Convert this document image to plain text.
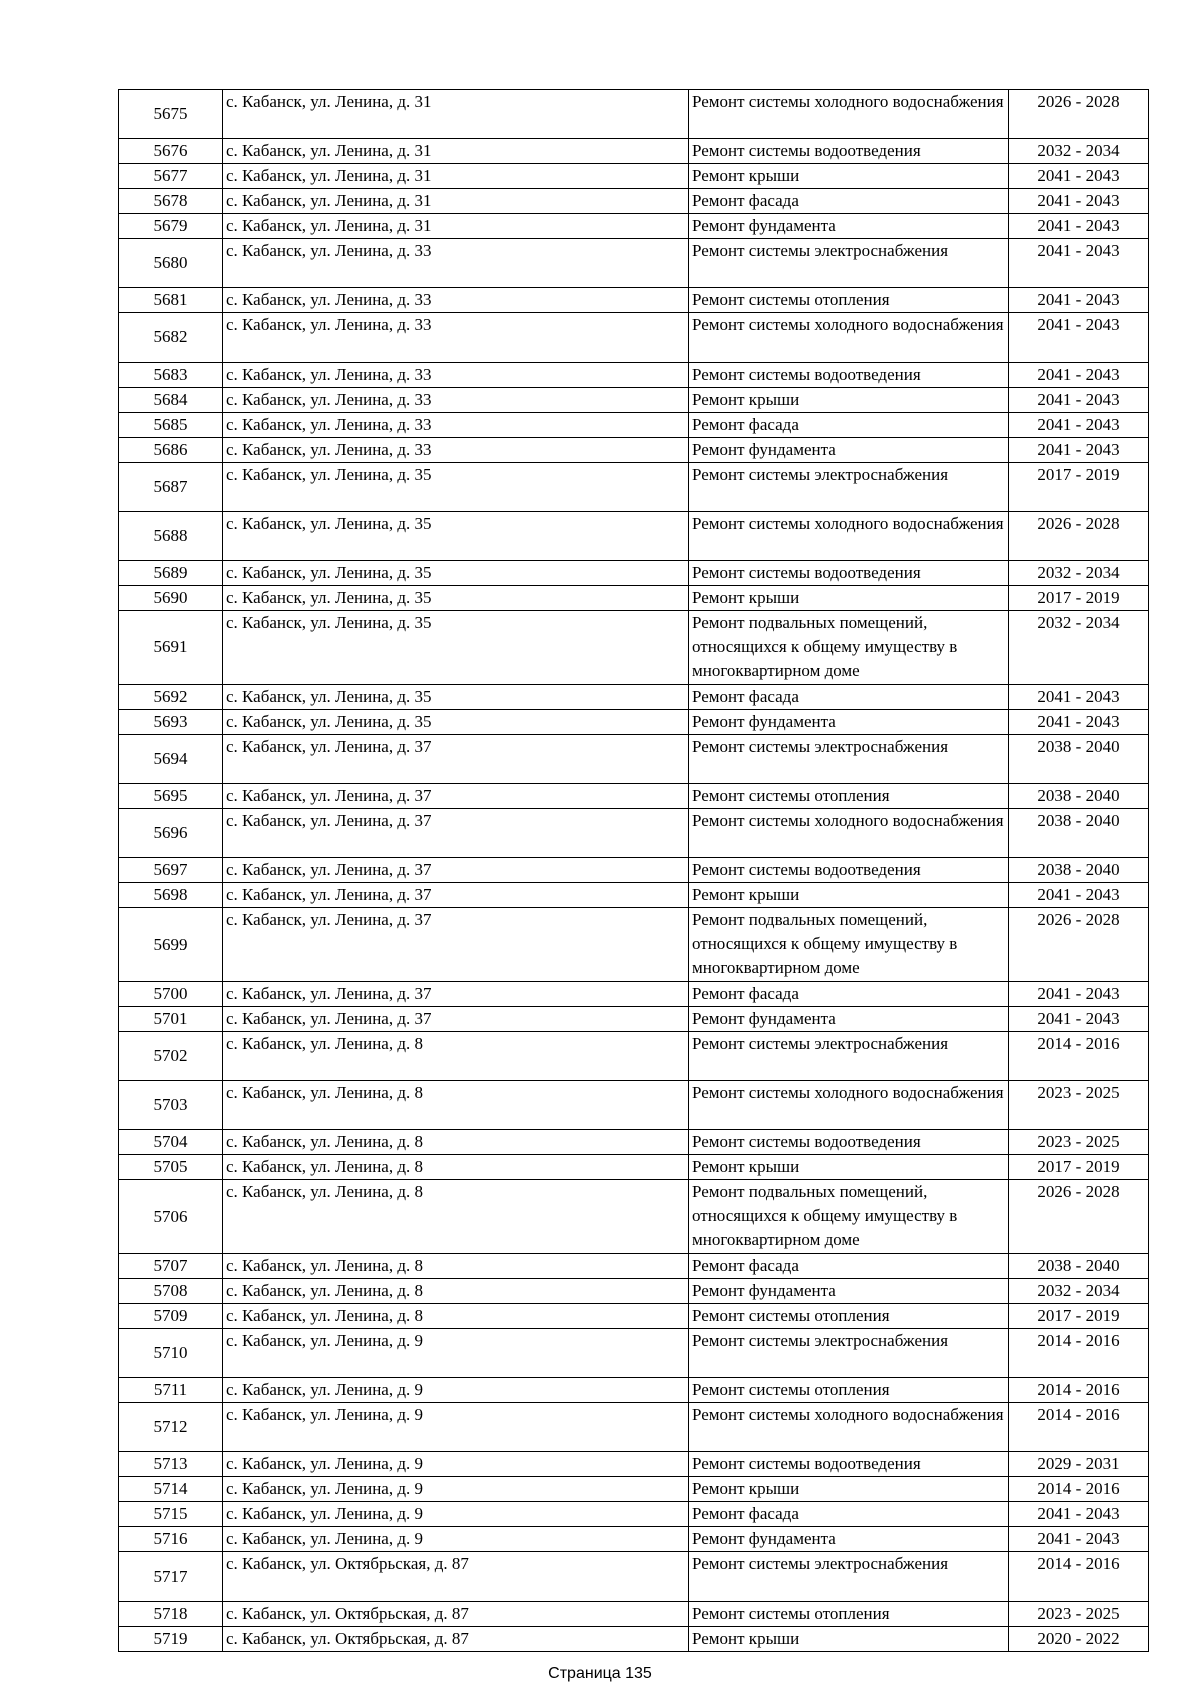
5675	с. Кабанск, ул. Ленина, д. 31	Ремонт системы холодного водоснабжения	2026 - 2028
5676	с. Кабанск, ул. Ленина, д. 31	Ремонт системы водоотведения	2032 - 2034
5677	с. Кабанск, ул. Ленина, д. 31	Ремонт крыши	2041 - 2043
5678	с. Кабанск, ул. Ленина, д. 31	Ремонт фасада	2041 - 2043
5679	с. Кабанск, ул. Ленина, д. 31	Ремонт фундамента	2041 - 2043
5680	с. Кабанск, ул. Ленина, д. 33	Ремонт системы электроснабжения	2041 - 2043
5681	с. Кабанск, ул. Ленина, д. 33	Ремонт системы отопления	2041 - 2043
5682	с. Кабанск, ул. Ленина, д. 33	Ремонт системы холодного водоснабжения	2041 - 2043
5683	с. Кабанск, ул. Ленина, д. 33	Ремонт системы водоотведения	2041 - 2043
5684	с. Кабанск, ул. Ленина, д. 33	Ремонт крыши	2041 - 2043
5685	с. Кабанск, ул. Ленина, д. 33	Ремонт фасада	2041 - 2043
5686	с. Кабанск, ул. Ленина, д. 33	Ремонт фундамента	2041 - 2043
5687	с. Кабанск, ул. Ленина, д. 35	Ремонт системы электроснабжения	2017 - 2019
5688	с. Кабанск, ул. Ленина, д. 35	Ремонт системы холодного водоснабжения	2026 - 2028
5689	с. Кабанск, ул. Ленина, д. 35	Ремонт системы водоотведения	2032 - 2034
5690	с. Кабанск, ул. Ленина, д. 35	Ремонт крыши	2017 - 2019
5691	с. Кабанск, ул. Ленина, д. 35	Ремонт подвальных помещений, относящихся к общему имуществу в многоквартирном доме	2032 - 2034
5692	с. Кабанск, ул. Ленина, д. 35	Ремонт фасада	2041 - 2043
5693	с. Кабанск, ул. Ленина, д. 35	Ремонт фундамента	2041 - 2043
5694	с. Кабанск, ул. Ленина, д. 37	Ремонт системы электроснабжения	2038 - 2040
5695	с. Кабанск, ул. Ленина, д. 37	Ремонт системы отопления	2038 - 2040
5696	с. Кабанск, ул. Ленина, д. 37	Ремонт системы холодного водоснабжения	2038 - 2040
5697	с. Кабанск, ул. Ленина, д. 37	Ремонт системы водоотведения	2038 - 2040
5698	с. Кабанск, ул. Ленина, д. 37	Ремонт крыши	2041 - 2043
5699	с. Кабанск, ул. Ленина, д. 37	Ремонт подвальных помещений, относящихся к общему имуществу в многоквартирном доме	2026 - 2028
5700	с. Кабанск, ул. Ленина, д. 37	Ремонт фасада	2041 - 2043
5701	с. Кабанск, ул. Ленина, д. 37	Ремонт фундамента	2041 - 2043
5702	с. Кабанск, ул. Ленина, д. 8	Ремонт системы электроснабжения	2014 - 2016
5703	с. Кабанск, ул. Ленина, д. 8	Ремонт системы холодного водоснабжения	2023 - 2025
5704	с. Кабанск, ул. Ленина, д. 8	Ремонт системы водоотведения	2023 - 2025
5705	с. Кабанск, ул. Ленина, д. 8	Ремонт крыши	2017 - 2019
5706	с. Кабанск, ул. Ленина, д. 8	Ремонт подвальных помещений, относящихся к общему имуществу в многоквартирном доме	2026 - 2028
5707	с. Кабанск, ул. Ленина, д. 8	Ремонт фасада	2038 - 2040
5708	с. Кабанск, ул. Ленина, д. 8	Ремонт фундамента	2032 - 2034
5709	с. Кабанск, ул. Ленина, д. 8	Ремонт системы отопления	2017 - 2019
5710	с. Кабанск, ул. Ленина, д. 9	Ремонт системы электроснабжения	2014 - 2016
5711	с. Кабанск, ул. Ленина, д. 9	Ремонт системы отопления	2014 - 2016
5712	с. Кабанск, ул. Ленина, д. 9	Ремонт системы холодного водоснабжения	2014 - 2016
5713	с. Кабанск, ул. Ленина, д. 9	Ремонт системы водоотведения	2029 - 2031
5714	с. Кабанск, ул. Ленина, д. 9	Ремонт крыши	2014 - 2016
5715	с. Кабанск, ул. Ленина, д. 9	Ремонт фасада	2041 - 2043
5716	с. Кабанск, ул. Ленина, д. 9	Ремонт фундамента	2041 - 2043
5717	с. Кабанск, ул. Октябрьская, д. 87	Ремонт системы электроснабжения	2014 - 2016
5718	с. Кабанск, ул. Октябрьская, д. 87	Ремонт системы отопления	2023 - 2025
5719	с. Кабанск, ул. Октябрьская, д. 87	Ремонт крыши	2020 - 2022
Страница 135
